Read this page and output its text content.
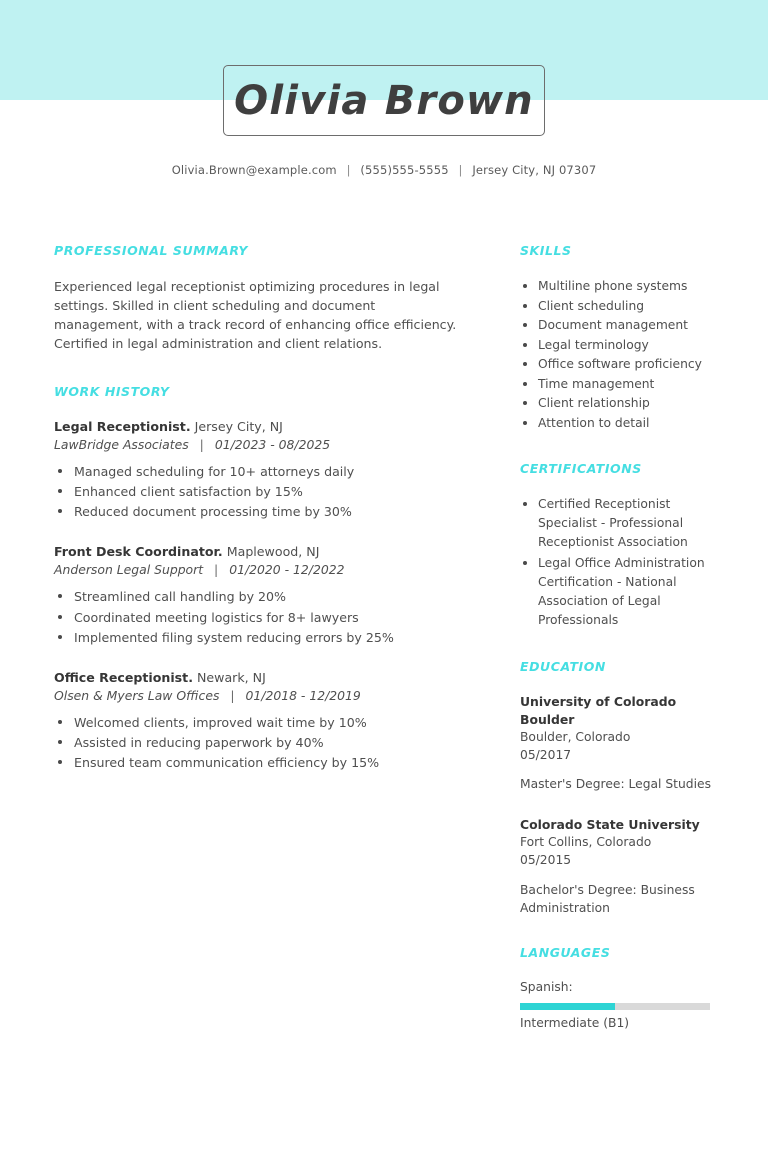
Olivia Brown
Olivia.Brown@example.com | (555)555-5555 | Jersey City, NJ 07307
PROFESSIONAL SUMMARY

Experienced legal receptionist optimizing procedures in legal settings. Skilled in client scheduling and document management, with a track record of enhancing office efficiency. Certified in legal administration and client relations.

WORK HISTORY
Legal Receptionist. Jersey City, NJ
LawBridge Associates | 01/2023 - 08/2025
Managed scheduling for 10+ attorneys daily
Enhanced client satisfaction by 15%
Reduced document processing time by 30%
Front Desk Coordinator. Maplewood, NJ
Anderson Legal Support | 01/2020 - 12/2022
Streamlined call handling by 20%
Coordinated meeting logistics for 8+ lawyers
Implemented filing system reducing errors by 25%
Office Receptionist. Newark, NJ
Olsen & Myers Law Offices | 01/2018 - 12/2019
Welcomed clients, improved wait time by 10%
Assisted in reducing paperwork by 40%
Ensured team communication efficiency by 15%
SKILLS
Multiline phone systems
Client scheduling
Document management
Legal terminology
Office software proficiency
Time management
Client relationship
Attention to detail
CERTIFICATIONS
Certified Receptionist Specialist - Professional Receptionist Association
Legal Office Administration Certification - National Association of Legal Professionals
EDUCATION
University of Colorado Boulder
Boulder, Colorado
05/2017
Master's Degree: Legal Studies
Colorado State University
Fort Collins, Colorado
05/2015
Bachelor's Degree: Business Administration
LANGUAGES
Spanish:
Intermediate (B1)
